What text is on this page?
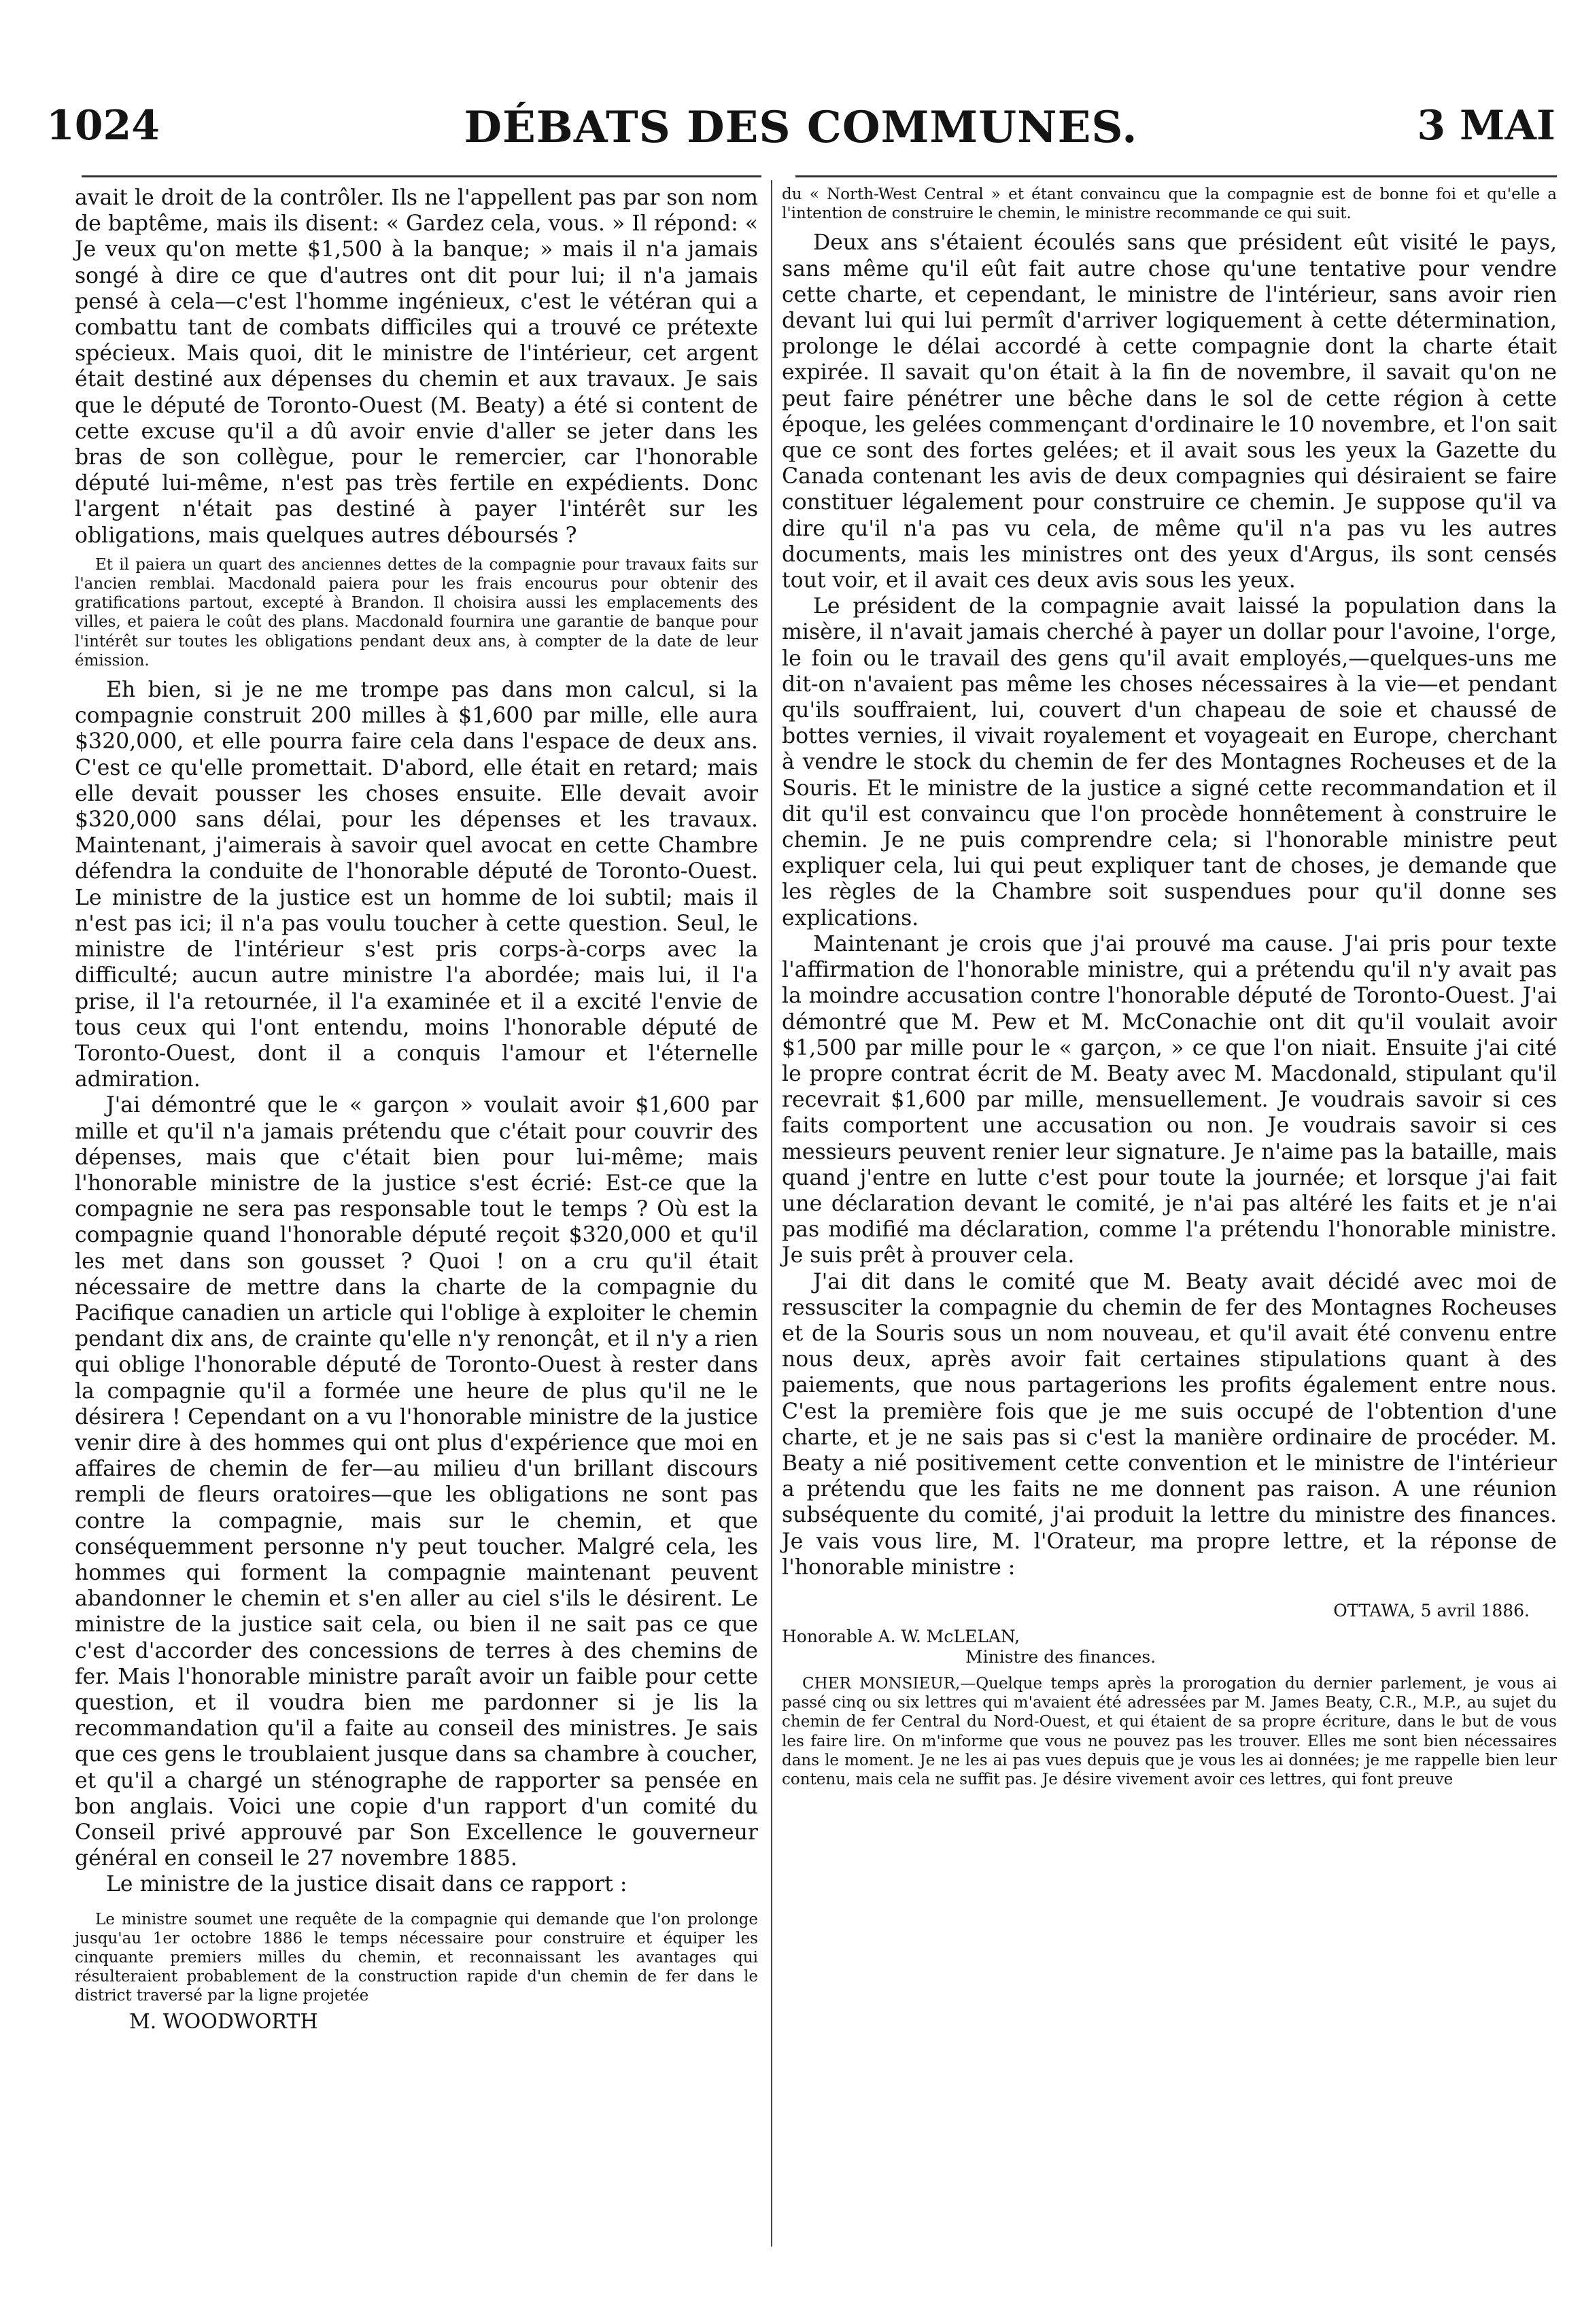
1024	DÉBATS DES COMMUNES.	3 MAI

avait le droit de la contrôler. Ils ne l'appellent pas par son nom de baptême, mais ils disent: « Gardez cela, vous. » Il répond: « Je veux qu'on mette $1,500 à la banque; » mais il n'a jamais songé à dire ce que d'autres ont dit pour lui; il n'a jamais pensé à cela—c'est l'homme ingénieux, c'est le vétéran qui a combattu tant de combats difficiles qui a trouvé ce prétexte spécieux. Mais quoi, dit le ministre de l'intérieur, cet argent était destiné aux dépenses du chemin et aux travaux. Je sais que le député de Toronto-Ouest (M. Beaty) a été si content de cette excuse qu'il a dû avoir envie d'aller se jeter dans les bras de son collègue, pour le remercier, car l'honorable député lui-même, n'est pas très fertile en expédients. Donc l'argent n'était pas destiné à payer l'intérêt sur les obligations, mais quelques autres déboursés ?

Et il paiera un quart des anciennes dettes de la compagnie pour travaux faits sur l'ancien remblai. Macdonald paiera pour les frais encourus pour obtenir des gratifications partout, excepté à Brandon. Il choisira aussi les emplacements des villes, et paiera le coût des plans. Macdonald fournira une garantie de banque pour l'intérêt sur toutes les obligations pendant deux ans, à compter de la date de leur émission.

Eh bien, si je ne me trompe pas dans mon calcul, si la compagnie construit 200 milles à $1,600 par mille, elle aura $320,000, et elle pourra faire cela dans l'espace de deux ans. C'est ce qu'elle promettait. D'abord, elle était en retard; mais elle devait pousser les choses ensuite. Elle devait avoir $320,000 sans délai, pour les dépenses et les travaux. Maintenant, j'aimerais à savoir quel avocat en cette Chambre défendra la conduite de l'honorable député de Toronto-Ouest. Le ministre de la justice est un homme de loi subtil; mais il n'est pas ici; il n'a pas voulu toucher à cette question. Seul, le ministre de l'intérieur s'est pris corps-à-corps avec la difficulté; aucun autre ministre l'a abordée; mais lui, il l'a prise, il l'a retournée, il l'a examinée et il a excité l'envie de tous ceux qui l'ont entendu, moins l'honorable député de Toronto-Ouest, dont il a conquis l'amour et l'éternelle admiration.

J'ai démontré que le « garçon » voulait avoir $1,600 par mille et qu'il n'a jamais prétendu que c'était pour couvrir des dépenses, mais que c'était bien pour lui-même; mais l'honorable ministre de la justice s'est écrié: Est-ce que la compagnie ne sera pas responsable tout le temps ? Où est la compagnie quand l'honorable député reçoit $320,000 et qu'il les met dans son gousset ? Quoi ! on a cru qu'il était nécessaire de mettre dans la charte de la compagnie du Pacifique canadien un article qui l'oblige à exploiter le chemin pendant dix ans, de crainte qu'elle n'y renonçât, et il n'y a rien qui oblige l'honorable député de Toronto-Ouest à rester dans la compagnie qu'il a formée une heure de plus qu'il ne le désirera ! Cependant on a vu l'honorable ministre de la justice venir dire à des hommes qui ont plus d'expérience que moi en affaires de chemin de fer—au milieu d'un brillant discours rempli de fleurs oratoires—que les obligations ne sont pas contre la compagnie, mais sur le chemin, et que conséquemment personne n'y peut toucher. Malgré cela, les hommes qui forment la compagnie maintenant peuvent abandonner le chemin et s'en aller au ciel s'ils le désirent. Le ministre de la justice sait cela, ou bien il ne sait pas ce que c'est d'accorder des concessions de terres à des chemins de fer. Mais l'honorable ministre paraît avoir un faible pour cette question, et il voudra bien me pardonner si je lis la recommandation qu'il a faite au conseil des ministres. Je sais que ces gens le troublaient jusque dans sa chambre à coucher, et qu'il a chargé un sténographe de rapporter sa pensée en bon anglais. Voici une copie d'un rapport d'un comité du Conseil privé approuvé par Son Excellence le gouverneur général en conseil le 27 novembre 1885.

Le ministre de la justice disait dans ce rapport :

Le ministre soumet une requête de la compagnie qui demande que l'on prolonge jusqu'au 1er octobre 1886 le temps nécessaire pour construire et équiper les cinquante premiers milles du chemin, et reconnaissant les avantages qui résulteraient probablement de la construction rapide d'un chemin de fer dans le district traversé par la ligne projetée

M. WOODWORTH

du « North-West Central » et étant convaincu que la compagnie est de bonne foi et qu'elle a l'intention de construire le chemin, le ministre recommande ce qui suit.

Deux ans s'étaient écoulés sans que président eût visité le pays, sans même qu'il eût fait autre chose qu'une tentative pour vendre cette charte, et cependant, le ministre de l'intérieur, sans avoir rien devant lui qui lui permît d'arriver logiquement à cette détermination, prolonge le délai accordé à cette compagnie dont la charte était expirée. Il savait qu'on était à la fin de novembre, il savait qu'on ne peut faire pénétrer une bêche dans le sol de cette région à cette époque, les gelées commençant d'ordinaire le 10 novembre, et l'on sait que ce sont des fortes gelées; et il avait sous les yeux la Gazette du Canada contenant les avis de deux compagnies qui désiraient se faire constituer légalement pour construire ce chemin. Je suppose qu'il va dire qu'il n'a pas vu cela, de même qu'il n'a pas vu les autres documents, mais les ministres ont des yeux d'Argus, ils sont censés tout voir, et il avait ces deux avis sous les yeux.

Le président de la compagnie avait laissé la population dans la misère, il n'avait jamais cherché à payer un dollar pour l'avoine, l'orge, le foin ou le travail des gens qu'il avait employés,—quelques-uns me dit-on n'avaient pas même les choses nécessaires à la vie—et pendant qu'ils souffraient, lui, couvert d'un chapeau de soie et chaussé de bottes vernies, il vivait royalement et voyageait en Europe, cherchant à vendre le stock du chemin de fer des Montagnes Rocheuses et de la Souris. Et le ministre de la justice a signé cette recommandation et il dit qu'il est convaincu que l'on procède honnêtement à construire le chemin. Je ne puis comprendre cela; si l'honorable ministre peut expliquer cela, lui qui peut expliquer tant de choses, je demande que les règles de la Chambre soit suspendues pour qu'il donne ses explications.

Maintenant je crois que j'ai prouvé ma cause. J'ai pris pour texte l'affirmation de l'honorable ministre, qui a prétendu qu'il n'y avait pas la moindre accusation contre l'honorable député de Toronto-Ouest. J'ai démontré que M. Pew et M. McConachie ont dit qu'il voulait avoir $1,500 par mille pour le « garçon, » ce que l'on niait. Ensuite j'ai cité le propre contrat écrit de M. Beaty avec M. Macdonald, stipulant qu'il recevrait $1,600 par mille, mensuellement. Je voudrais savoir si ces faits comportent une accusation ou non. Je voudrais savoir si ces messieurs peuvent renier leur signature. Je n'aime pas la bataille, mais quand j'entre en lutte c'est pour toute la journée; et lorsque j'ai fait une déclaration devant le comité, je n'ai pas altéré les faits et je n'ai pas modifié ma déclaration, comme l'a prétendu l'honorable ministre. Je suis prêt à prouver cela.

J'ai dit dans le comité que M. Beaty avait décidé avec moi de ressusciter la compagnie du chemin de fer des Montagnes Rocheuses et de la Souris sous un nom nouveau, et qu'il avait été convenu entre nous deux, après avoir fait certaines stipulations quant à des paiements, que nous partagerions les profits également entre nous. C'est la première fois que je me suis occupé de l'obtention d'une charte, et je ne sais pas si c'est la manière ordinaire de procéder. M. Beaty a nié positivement cette convention et le ministre de l'intérieur a prétendu que les faits ne me donnent pas raison. A une réunion subséquente du comité, j'ai produit la lettre du ministre des finances. Je vais vous lire, M. l'Orateur, ma propre lettre, et la réponse de l'honorable ministre :

OTTAWA, 5 avril 1886.
Honorable A. W. McLELAN,
Ministre des finances.

CHER MONSIEUR,—Quelque temps après la prorogation du dernier parlement, je vous ai passé cinq ou six lettres qui m'avaient été adressées par M. James Beaty, C.R., M.P., au sujet du chemin de fer Central du Nord-Ouest, et qui étaient de sa propre écriture, dans le but de vous les faire lire. On m'informe que vous ne pouvez pas les trouver. Elles me sont bien nécessaires dans le moment. Je ne les ai pas vues depuis que je vous les ai données; je me rappelle bien leur contenu, mais cela ne suffit pas. Je désire vivement avoir ces lettres, qui font preuve
